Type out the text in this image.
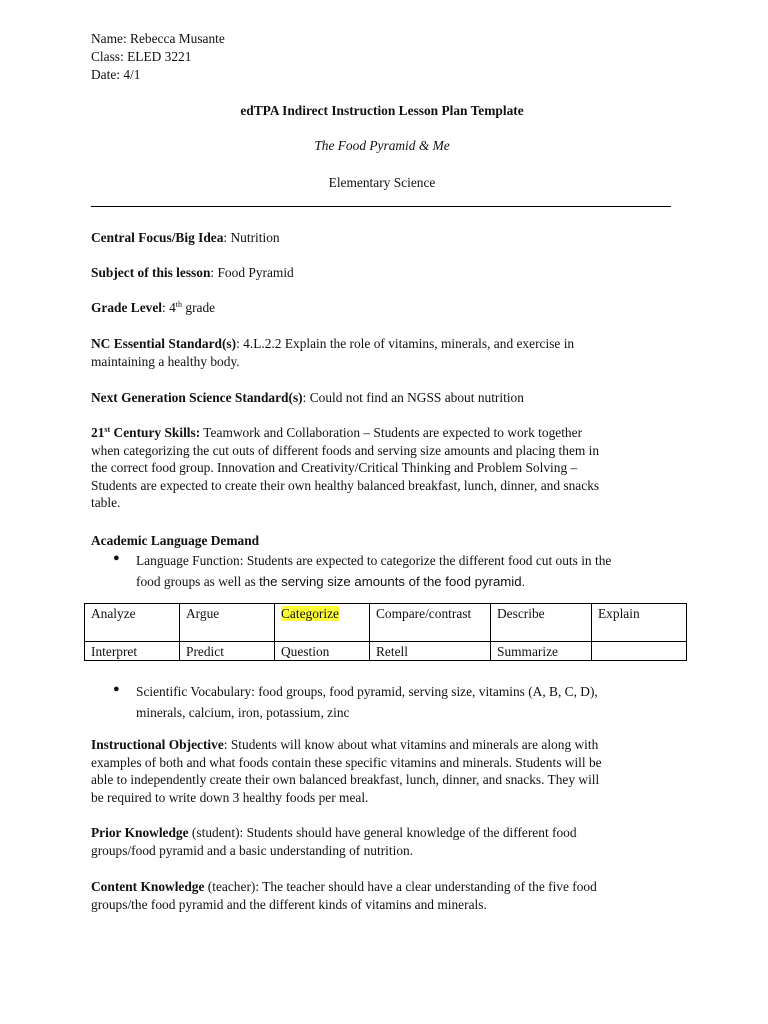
Name: Rebecca Musante
Class: ELED 3221
Date: 4/1
edTPA Indirect Instruction Lesson Plan Template
The Food Pyramid & Me
Elementary Science
Central Focus/Big Idea: Nutrition
Subject of this lesson: Food Pyramid
Grade Level: 4th grade
NC Essential Standard(s): 4.L.2.2 Explain the role of vitamins, minerals, and exercise in
maintaining a healthy body.
Next Generation Science Standard(s): Could not find an NGSS about nutrition
21st Century Skills: Teamwork and Collaboration – Students are expected to work together
when categorizing the cut outs of different foods and serving size amounts and placing them in
the correct food group. Innovation and Creativity/Critical Thinking and Problem Solving –
Students are expected to create their own healthy balanced breakfast, lunch, dinner, and snacks
table.
Academic Language Demand
● Language Function: Students are expected to categorize the different food cut outs in the
food groups as well as the serving size amounts of the food pyramid.
Analyze	Argue	Categorize	Compare/contrast	Describe	Explain
Interpret	Predict	Question	Retell	Summarize	
● Scientific Vocabulary: food groups, food pyramid, serving size, vitamins (A, B, C, D),
minerals, calcium, iron, potassium, zinc
Instructional Objective: Students will know about what vitamins and minerals are along with
examples of both and what foods contain these specific vitamins and minerals. Students will be
able to independently create their own balanced breakfast, lunch, dinner, and snacks. They will
be required to write down 3 healthy foods per meal.
Prior Knowledge (student): Students should have general knowledge of the different food
groups/food pyramid and a basic understanding of nutrition.
Content Knowledge (teacher): The teacher should have a clear understanding of the five food
groups/the food pyramid and the different kinds of vitamins and minerals.
